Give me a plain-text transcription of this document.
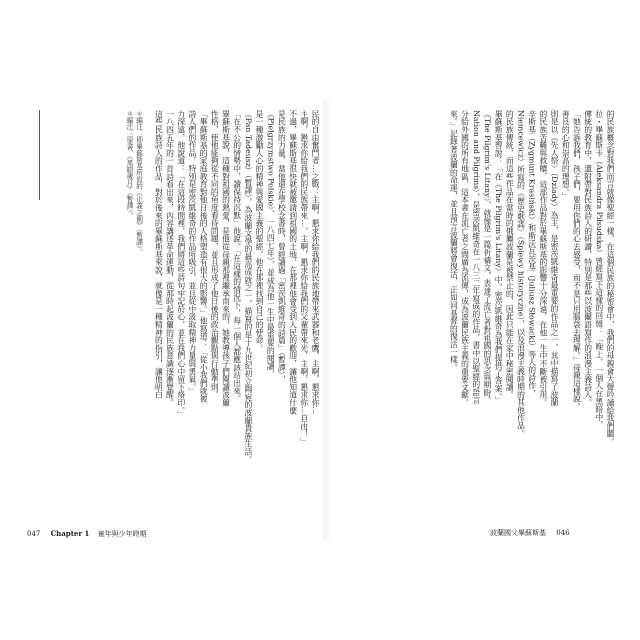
民的自由奮鬥者…之戰：主啊，懇求你給我們的民族地帶來武器和老鷹，主啊，懇求你…
主啊，懇求你給我們的民族帶來…，主啊，懇求你給我們的父輩帶來光，主啊，懇求你…自由！」
不過，畢蘇斯基很快就被邀請到祖國的土地，在那裡他會受到人民的歡迎，讓他知道什麼
是民族的力量。當他還在學校念書時，曾經讀過「密茨凱維奇的詩篇」（暫譯），
《Pielgrzymstwo Polskie》，一八四七年），並成為他一生中最重要的閱讀，
是一種激勵人心的精神與愛國主義的聖經，他在那裡找到自己的使命。
（Pan Tadeusz）（暫譯），為波蘭文學的最高成就之一，描寫的是十九世紀初立陶宛的波蘭貴族生活。
「在不公的情勢中，讀保持沉默」他說。「在這樣的情況下，每一個人都應該站出來。
畢蘇斯基說，這種對祖國的熱愛，是他從母親那裡繼承而來的，她教導孩子們閱讀波蘭
性格，使他能夠從不同的角度看待問題，並且形成了他日後的政治觀點與行動準則。
「畢蘇斯基的家庭教育對他日後的人格塑造有很大的影響。」他寫道：「從小我們就被
詩人們的作品，特別是密茨凱維奇的作品所吸引，並且從中汲取精神力量與勇氣。」
力深遠，他說道：「在這段時間裡，我們將這些詩句牢記於心，並在我們心中留下烙印。」
一八四五年的一首詩看出來，內容講述革命運動，從那時起波蘭的民族意識逐漸覺醒。
這些民族詩人的作品，對於後來的畢蘇斯基來說，就像是一種精神的指引，讓他明白
＊編注：即畢蘇斯基所寫的《正義之劍》（暫譯）。
＊編注：原書，《黑暗歲月》（暫譯）。	的民族概念對我們而言就像聖經一樣，在這個民族的秘密會中，我們的母親會大聲吟誦給我們聽。
拉・畢蘇斯卡（Aleksandra Piłsudska）曾經寫下這樣的回憶：「晚上，一個人在黑暗中，
傳統的教育中，還附帶對民族詩人的研讀，特別是那些以波蘭語寫作的浪漫主義詩人。
「她告訴我們，孩子們，要用你們的心去感受，而不是只用腦袋去理解。」母親這樣說。
善良的心和崇高的理想。」
則是以《先人祭》（Dziady）為主，是密茨凱維奇最重要的作品之一，其中描寫了波蘭
的民族苦難與救贖，這部作品對於畢蘇斯基的影響十分深遠，在他一生中不斷被引用。
辛斯基（Zygmunt Krasiński）和斯沃瓦茨基（Juliusz Słowacki）等人的詩作，
Niemcewicz）所寫的《歷史歌謠》（Śpiewy historyczne），以及浪漫主義時期的其他作品。
的民族傳統，而這些作品在當時的俄屬波蘭是被禁止的，因此只能在家中秘密閱讀。
畢蘇斯基曾說：「在《The Pilgrim's Litany》中，密茨凱維奇為我們提供了答案。」
《The Pilgrim's Litany》，就像是一篇祈禱文，表達了流亡者對祖國的思念與期盼。
Nation and Pilgrims），是密茨凱維奇在一八三二年寫成的作品，書中以聖經的語言
分給外國的所有地區，這本書在流亡者之間廣為流傳，成為波蘭民族主義的重要文獻。
來。」記錄著波蘭的命運，並且預言波蘭將會復活，正如同基督的復活一樣。
047 Chapter 1 童年與少年時期	波蘭國父畢蘇斯基 046
